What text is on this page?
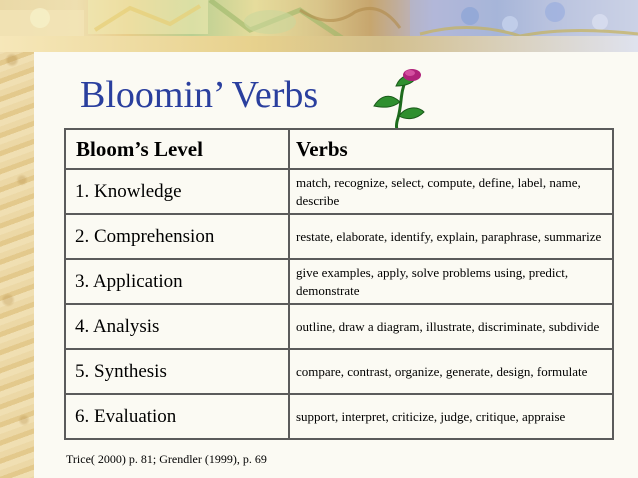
Bloomin’ Verbs
Bloom’s Level	Verbs
1. Knowledge	match, recognize, select, compute, define, label, name, describe
2. Comprehension	restate, elaborate, identify, explain, paraphrase, summarize
3. Application	give examples, apply, solve problems using, predict, demonstrate
4. Analysis	outline, draw a diagram, illustrate, discriminate, subdivide
5. Synthesis	compare, contrast, organize, generate, design, formulate
6. Evaluation	support, interpret, criticize, judge, critique, appraise

Trice( 2000) p. 81; Grendler (1999), p. 69
